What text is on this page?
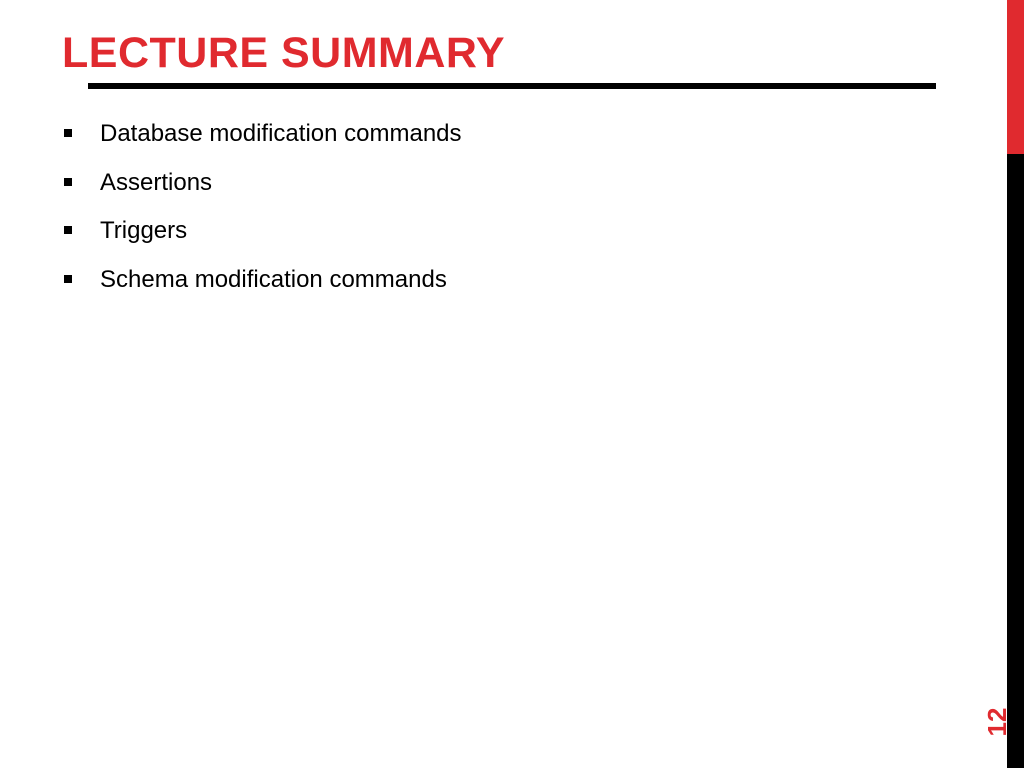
LECTURE SUMMARY
Database modification commands
Assertions
Triggers
Schema modification commands
12
